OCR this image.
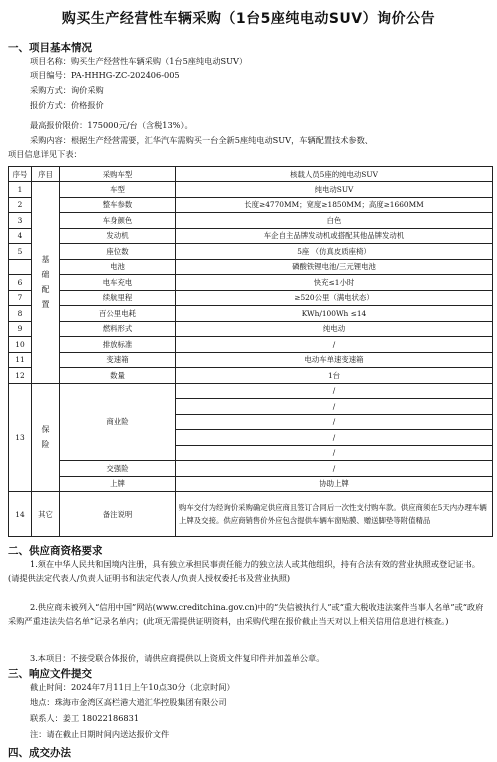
购买生产经营性车辆采购（1台5座纯电动SUV）询价公告
一、项目基本情况
项目名称：购买生产经营性车辆采购（1台5座纯电动SUV）
项目编号：PA-HHHG-ZC-202406-005
采购方式：询价采购
报价方式：价格报价
最高报价限价：175000元/台（含税13%）。
采购内容：根据生产经营需要，汇华汽车需购买一台全新5座纯电动SUV，车辆配置技术参数、
项目信息详见下表：
序号	序目	采购车型	核载人员5座的纯电动SUV
1	基础配置	车型	纯电动SUV
2		整车参数	长度≥4770MM；宽度≥1850MM；高度≥1660MM
3		车身颜色	白色
4		发动机	车企自主品牌发动机或搭配其他品牌发动机
5		座位数	5座 （仿真皮质座椅）
		电池	磷酸铁锂电池/三元锂电池
6		电车充电	快充≤1小时
7		续航里程	≥520公里（满电状态）
8		百公里电耗	KWh/100Wh ≤14
9		燃料形式	纯电动
10		排放标准	/
11		变速箱	电动车单速变速箱
12		数量	1台
13	保险	商业险	/
			/
			/
			/
			/
		交强险	/
		上牌	协助上牌
14	其它	备注说明	购车交付为经询价采购确定供应商且签订合同后一次性支付购车款。供应商须在5天内办理车辆上牌及交接。供应商销售价外应包含提供车辆车窗贴膜、赠送脚垫等附值精品
二、供应商资格要求
1.须在中华人民共和国境内注册，具有独立承担民事责任能力的独立法人或其他组织，持有合法有效的营业执照或登记证书。(请提供法定代表人/负责人证明书和法定代表人/负责人授权委托书及营业执照)
2.供应商未被列入“信用中国”网站(www.creditchina.gov.cn)中的“失信被执行人”或“重大税收违法案件当事人名单”或“政府采购严重违法失信名单”记录名单内；(此项无需提供证明资料，由采购代理在报价截止当天对以上相关信用信息进行核查。)
3.本项目：不接受联合体报价，请供应商提供以上资质文件复印件并加盖单公章。
三、响应文件提交
截止时间：2024年7月11日上午10点30分（北京时间）
地点：珠海市金湾区高栏港大道汇华控股集团有限公司
联系人：姜工 18022186831
注：请在截止日期时间内送达报价文件
四、成交办法
